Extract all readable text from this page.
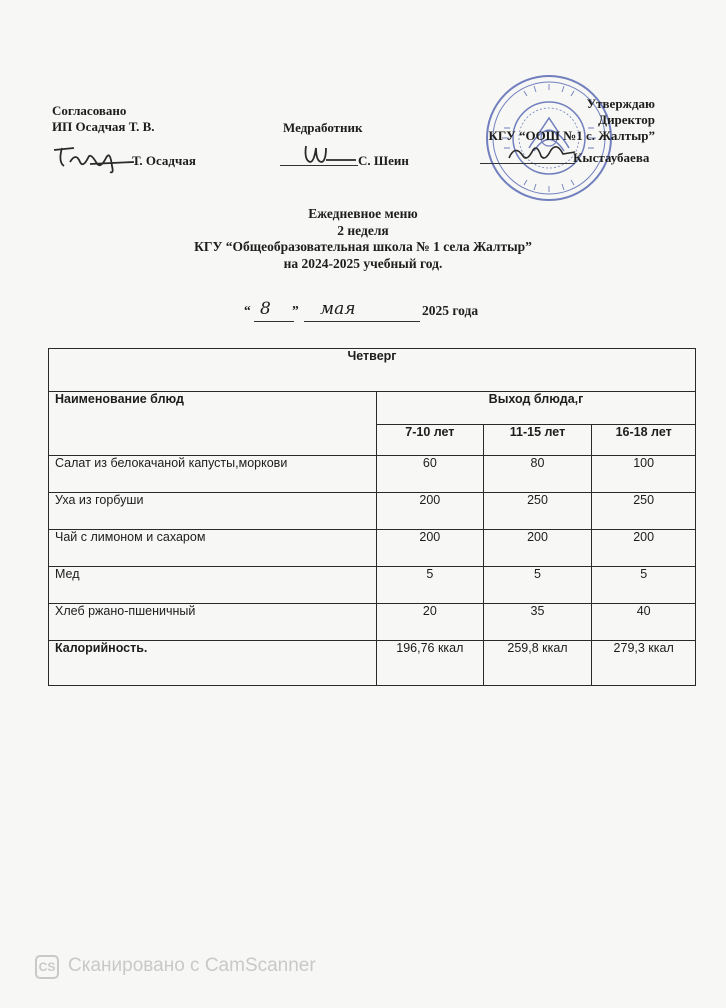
Согласовано
ИП Осадчая Т. В.
Т. Осадчая
Медработник
С. Шеин
Утверждаю
Директор
КГУ “ООШ №1 с. Жалтыр”
Кыстаубаева
Ежедневное меню
2 неделя
КГУ “Общеобразовательная школа № 1 села Жалтыр”
на 2024-2025 учебный год.
“ 8 ” мая	2025 года
Четверг			
Наименование блюд	Выход блюда,г		
	7-10 лет	11-15 лет	16-18 лет
Салат из белокачаной капусты,моркови	60	80	100
Уха из горбуши	200	250	250
Чай с лимоном и сахаром	200	200	200
Мед	5	5	5
Хлеб ржано-пшеничный	20	35	40
Калорийность.	196,76 ккал	259,8 ккал	279,3 ккал
CS Сканировано с CamScanner
